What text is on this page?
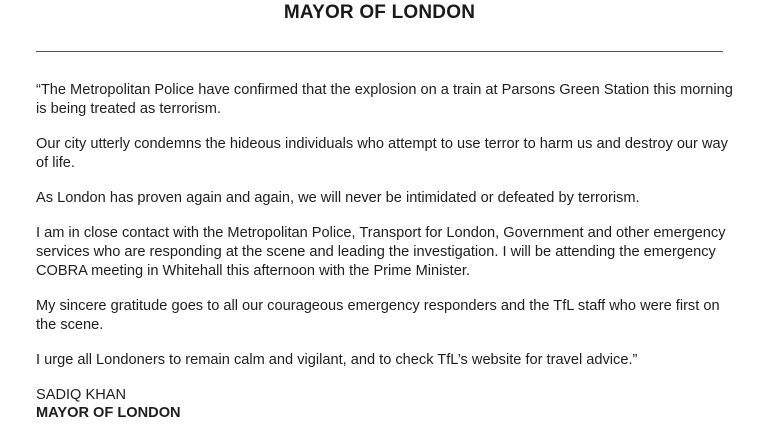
MAYOR OF LONDON

“The Metropolitan Police have confirmed that the explosion on a train at Parsons Green Station this morning is being treated as terrorism.

Our city utterly condemns the hideous individuals who attempt to use terror to harm us and destroy our way of life.

As London has proven again and again, we will never be intimidated or defeated by terrorism.

I am in close contact with the Metropolitan Police, Transport for London, Government and other emergency services who are responding at the scene and leading the investigation. I will be attending the emergency COBRA meeting in Whitehall this afternoon with the Prime Minister.

My sincere gratitude goes to all our courageous emergency responders and the TfL staff who were first on the scene.

I urge all Londoners to remain calm and vigilant, and to check TfL’s website for travel advice.”

SADIQ KHAN
MAYOR OF LONDON
